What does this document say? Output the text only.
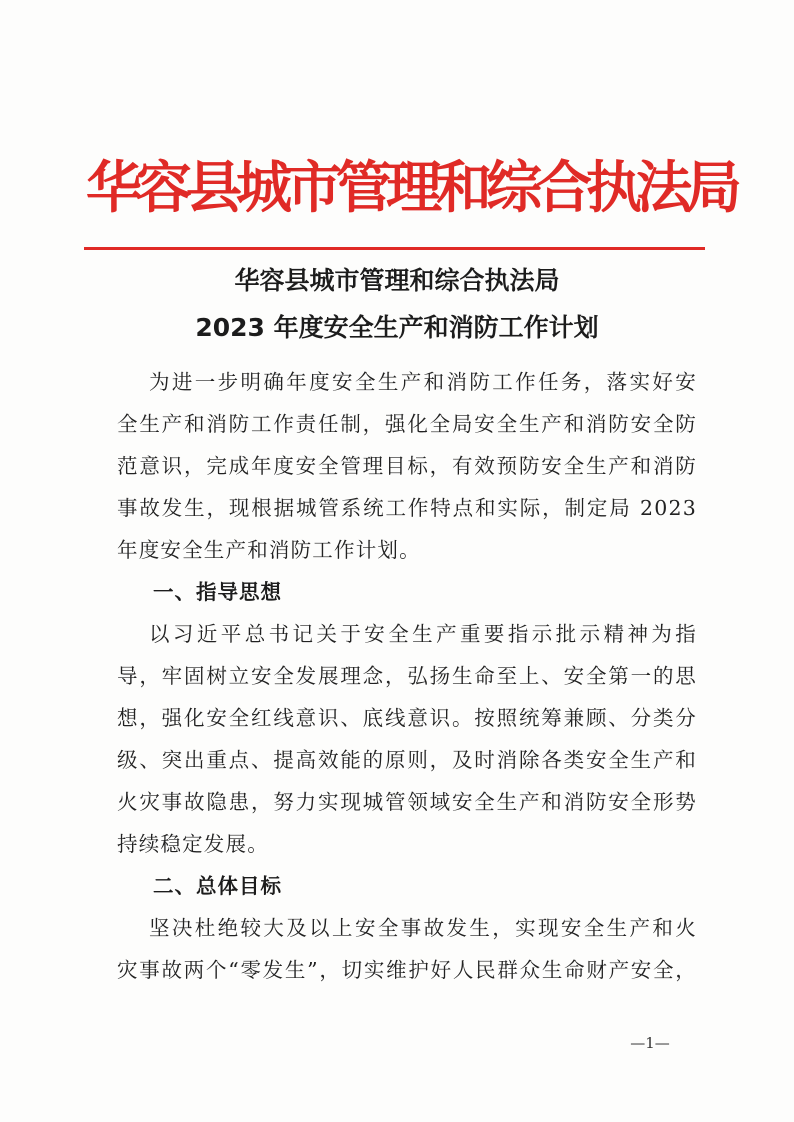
华容县城市管理和综合执法局
华容县城市管理和综合执法局
2023 年度安全生产和消防工作计划
为进一步明确年度安全生产和消防工作任务，落实好安
全生产和消防工作责任制，强化全局安全生产和消防安全防
范意识，完成年度安全管理目标，有效预防安全生产和消防
事故发生，现根据城管系统工作特点和实际，制定局 2023
年度安全生产和消防工作计划。
一、指导思想
以习近平总书记关于安全生产重要指示批示精神为指
导，牢固树立安全发展理念，弘扬生命至上、安全第一的思
想，强化安全红线意识、底线意识。按照统筹兼顾、分类分
级、突出重点、提高效能的原则，及时消除各类安全生产和
火灾事故隐患，努力实现城管领域安全生产和消防安全形势
持续稳定发展。
二、总体目标
坚决杜绝较大及以上安全事故发生，实现安全生产和火
灾事故两个“零发生”，切实维护好人民群众生命财产安全，
—1—
